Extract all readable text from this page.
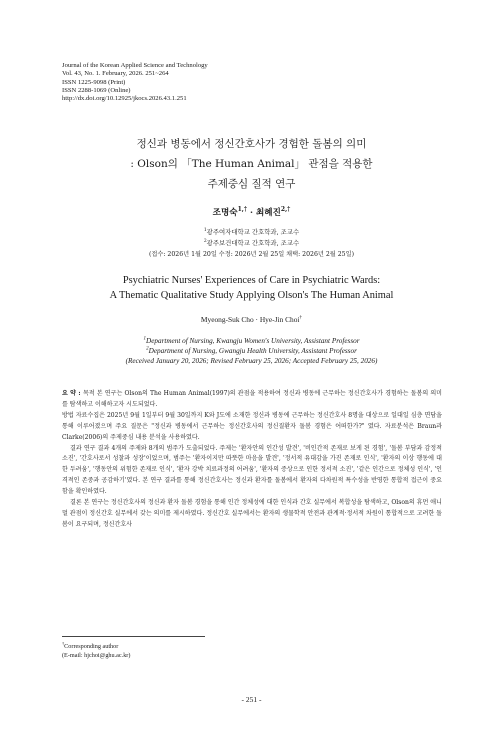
Journal of the Korean Applied Science and Technology
Vol. 43, No. 1. February, 2026. 251~264
ISSN 1225-9098 (Print)
ISSN 2288-1069 (Online)
http://dx.doi.org/10.12925/jkocs.2026.43.1.251
정신과 병동에서 정신간호사가 경험한 돌봄의 의미
: Olson의 「The Human Animal」 관점을 적용한
주제중심 질적 연구
조명숙$^{1,\dagger}$ · 최혜진$^{2,\dagger}$
$^1$광주여자대학교 간호학과, 조교수
$^2$광주보건대학교 간호학과, 조교수
(접수: 2026년 1월 20일 수정: 2026년 2월 25일 채택: 2026년 2월 25일)
Psychiatric Nurses' Experiences of Care in Psychiatric Wards:
A Thematic Qualitative Study Applying Olson's The Human Animal
Myeong-Suk Cho · Hye-Jin Choi†
$^1$Department of Nursing, Kwangju Women's University, Assistant Professor
$^2$Department of Nursing, Gwangju Health University, Assistant Professor
(Received January 20, 2026; Revised February 25, 2026; Accepted February 25, 2026)

요 약 : 목적 본 연구는 Olson의 The Human Animal(1997)의 관점을 적용하여 정신과 병동에 근무하는 정신간호사가 경험하는 돌봄의 의미를 탐색하고 이해하고자 시도되었다.

방법 자료수집은 2025년 9월 1일부터 9월 30일까지 K와 J도에 소재한 정신과 병동에 근무하는 정신간호사 8명을 대상으로 일대일 심층 면담을 통해 이루어졌으며 주요 질문은 "정신과 병동에서 근무하는 정신간호사의 정신질환자 돌봄 경험은 어떠한가?" 였다. 자료분석은 Braun과 Clarke(2006)의 주제중심 내용 분석을 사용하였다.

결과 연구 결과 4개의 주제와 8개의 범주가 도출되었다. 주제는 '환자안의 인간성 발견', '비인간적 존재로 보게 된 경험', '돌봄 부담과 감정적 소진', '간호사로서 성찰과 성장'이었으며, 범주는 '환자이지만 따뜻한 마음을 발견', '정서적 유대감을 가진 존재로 인식', '환자의 이상 행동에 대한 두려움', '행동안의 위험한 존재로 인식', '환자 강박 치료과정의 어려움', '환자의 증상으로 인한 정서적 소진', '같은 인간으로 정체성 인식', '인격적인 존중과 공감하기'였다. 본 연구 결과를 통해 정신간호사는 정신과 환자를 돌봄에서 환자의 다차원적 특수성을 반영한 통합적 접근이 중요함을 확인하였다.

결론 본 연구는 정신간호사의 정신과 환자 돌봄 경험을 통해 인간 정체성에 대한 인식과 간호 실무에서 복합성을 탐색하고, Olson의 휴먼 애니멀 관점이 정신간호 실무에서 갖는 의미를 제시하였다. 정신간호 실무에서는 환자의 생물학적 안전과 관계적·정서적 차원이 통합적으로 고려한 돌봄이 요구되며, 정신간호사

†Corresponding author
(E-mail: hjchoi@ghu.ac.kr)
- 251 -
